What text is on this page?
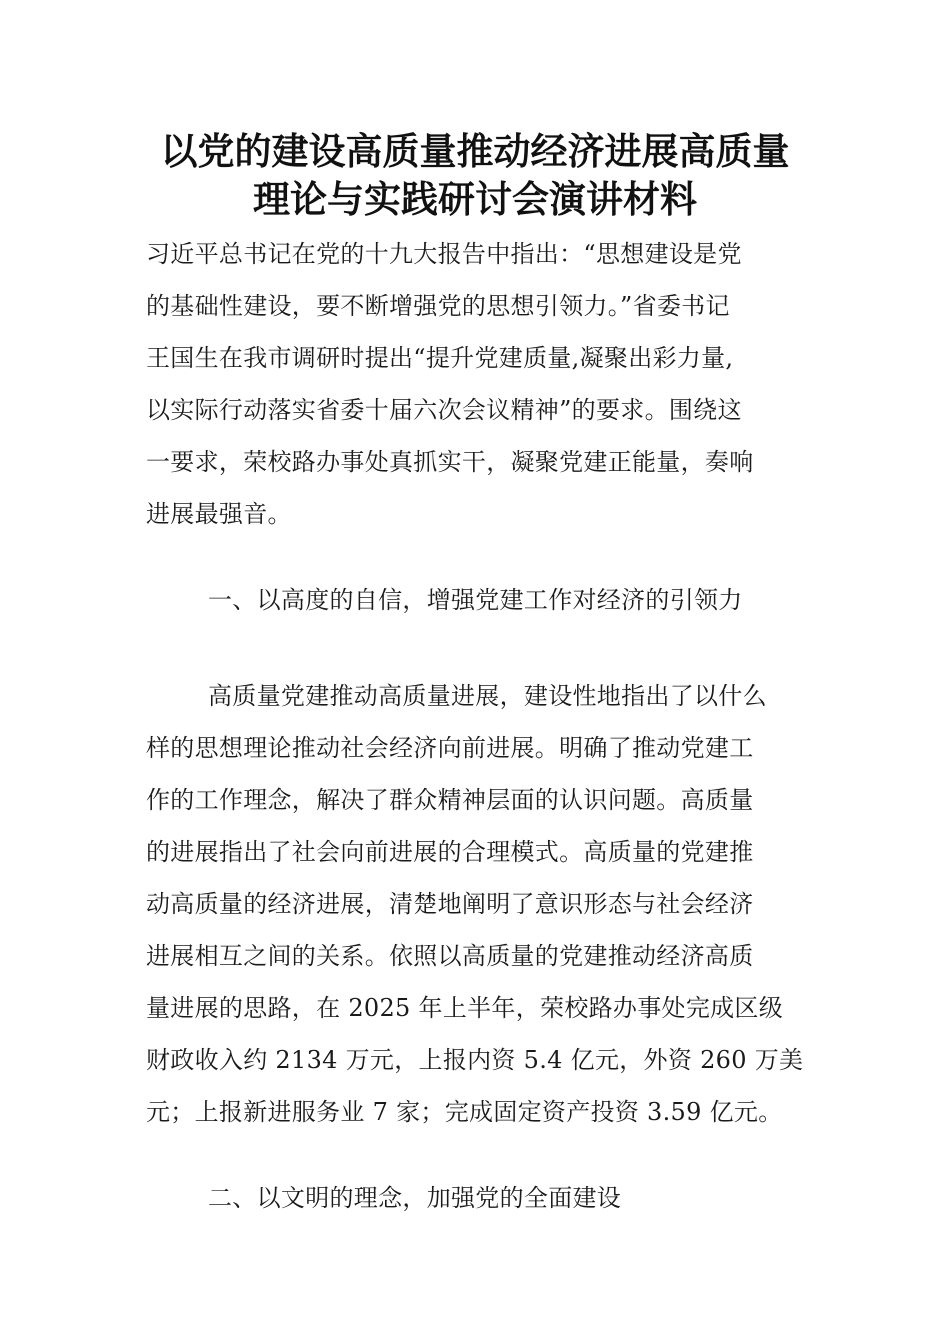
以党的建设高质量推动经济进展高质量
理论与实践研讨会演讲材料
习近平总书记在党的十九大报告中指出：“思想建设是党
的基础性建设，要不断增强党的思想引领力。”省委书记
王国生在我市调研时提出“提升党建质量,凝聚出彩力量,
以实际行动落实省委十届六次会议精神”的要求。围绕这
一要求，荣校路办事处真抓实干，凝聚党建正能量，奏响
进展最强音。
一、以高度的自信，增强党建工作对经济的引领力
高质量党建推动高质量进展，建设性地指出了以什么
样的思想理论推动社会经济向前进展。明确了推动党建工
作的工作理念，解决了群众精神层面的认识问题。高质量
的进展指出了社会向前进展的合理模式。高质量的党建推
动高质量的经济进展，清楚地阐明了意识形态与社会经济
进展相互之间的关系。依照以高质量的党建推动经济高质
量进展的思路，在 2025 年上半年，荣校路办事处完成区级
财政收入约 2134 万元，上报内资 5.4 亿元，外资 260 万美
元；上报新进服务业 7 家；完成固定资产投资 3.59 亿元。
二、以文明的理念，加强党的全面建设
